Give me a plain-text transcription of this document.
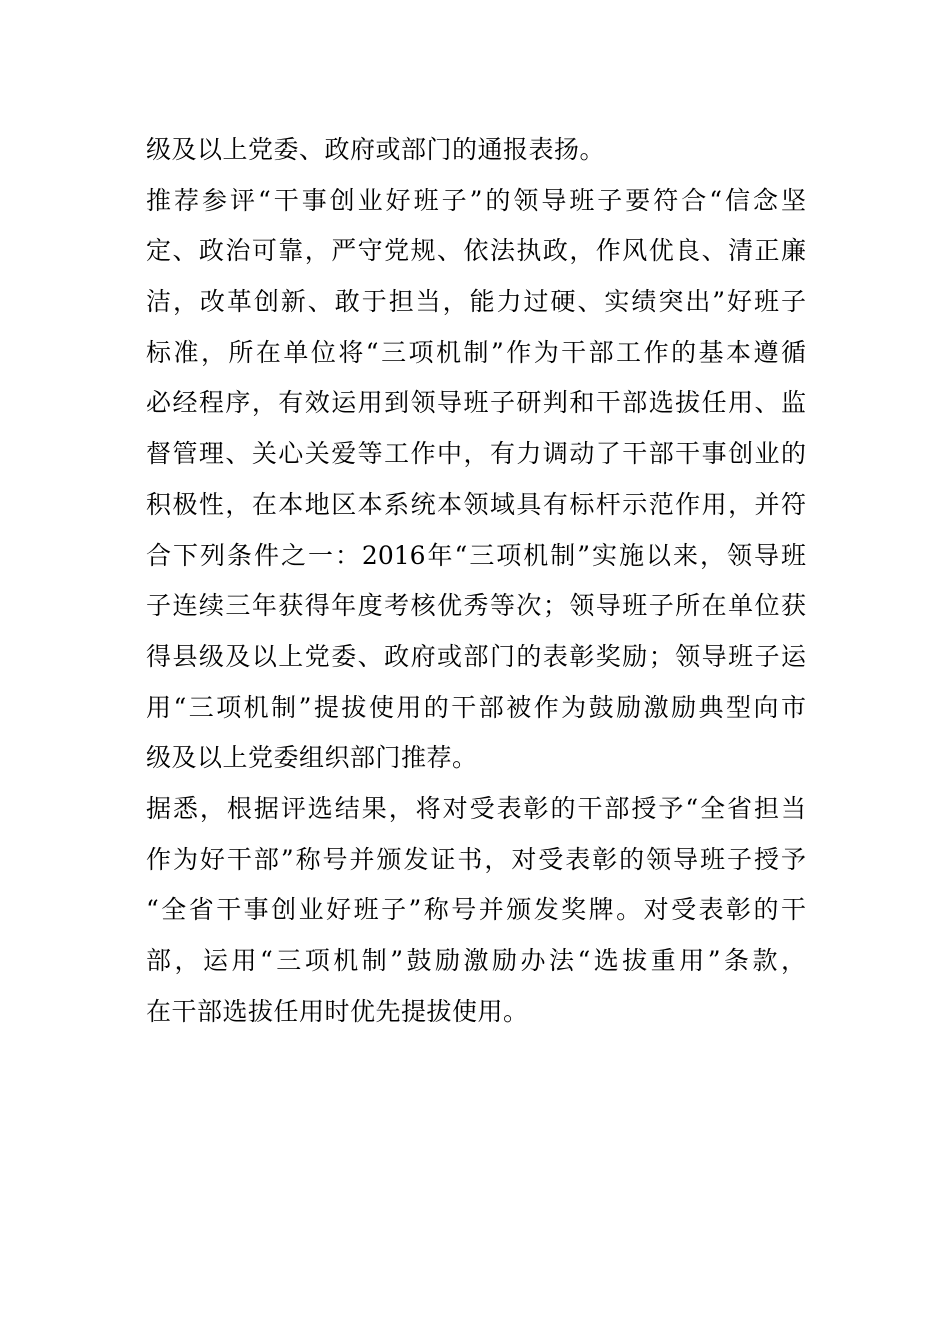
级及以上党委、政府或部门的通报表扬。
推荐参评“干事创业好班子”的领导班子要符合“信念坚
定、政治可靠，严守党规、依法执政，作风优良、清正廉
洁，改革创新、敢于担当，能力过硬、实绩突出”好班子
标准，所在单位将“三项机制”作为干部工作的基本遵循
必经程序，有效运用到领导班子研判和干部选拔任用、监
督管理、关心关爱等工作中，有力调动了干部干事创业的
积极性，在本地区本系统本领域具有标杆示范作用，并符
合下列条件之一：2016年“三项机制”实施以来，领导班
子连续三年获得年度考核优秀等次；领导班子所在单位获
得县级及以上党委、政府或部门的表彰奖励；领导班子运
用“三项机制”提拔使用的干部被作为鼓励激励典型向市
级及以上党委组织部门推荐。
据悉，根据评选结果，将对受表彰的干部授予“全省担当
作为好干部”称号并颁发证书，对受表彰的领导班子授予
“全省干事创业好班子”称号并颁发奖牌。对受表彰的干
部，运用“三项机制”鼓励激励办法“选拔重用”条款，
在干部选拔任用时优先提拔使用。
